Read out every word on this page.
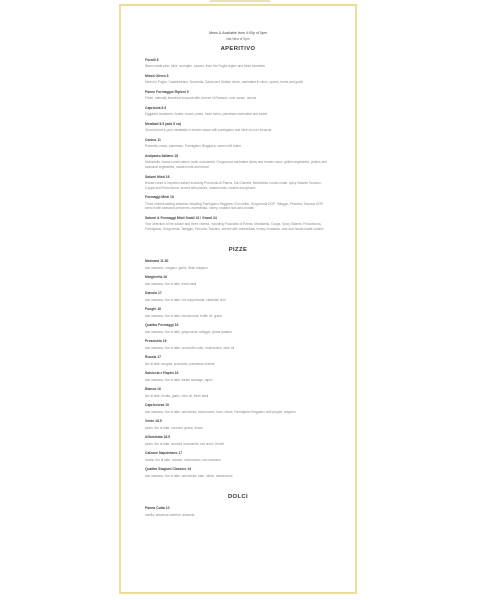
Menu & Available from 4:00p of 5pm
last Next of 9pm
APERITIVO
Focalli 8
Warm made pine, olive, acciughe, sauces, from the Puglia region and fresh tomatoes
Mixed Olives 8
Mixed in Puglia, Castelvetrano, Nocerella, Gaeta and Sicilian olives, marinated in citrus, spices, herbs and garlic
Panne Formaggio Ripieni 9
Fresh, naturally leavened focaccia with cheese of Romano, over sauce, onions
Capricola 8.5
Eggplant, tomatoes, ricotta, cream, pesto, fresh herbs, parmesan marinated and sweet
Meatball 8.5 (add 5 ea)
Ground beef & pork meatballs in tomato sauce with parmigiano and olive oil over focaccia
Cactus 11
Pancetta, rosso, parmesan, Parmigiano Reggiano, sweet chili butter
Antipasto Italiano 18
Mortadella, house-cured salumi, fresh mozzarella, Gorgonzola marinated olives and tomato rosso, grilled vegetables, pickles and seasonal vegetables, roasted nuts and bread
Salumi Misti 16
House-cured & Imported salumi including Prosciutto di Parma, San Daniele, Mortadella, house-made, spicy Salame Toscano, Coppa and Finocchiona, served with pickles, roasted nuts, crostini and grissini
Formaggi Misti 16
Three cheese tasting selection including Parmigiano Reggiano 24 months, Gorgonzola DOP, Taleggio, Pecorino Toscano DOP, served with seasonal preserves, marmellata, honey, roasted nuts and crostini
Salumi & Formaggi Misti Small 19 / Grand 34
Your selection of the salumi and three cheese, including Prosciutto di Parma, Mortadella, Coppa, Spicy Salame, Finocchiona, Parmigiano, Gorgonzola, Taleggio, Pecorino Toscano, served with marmellata, honey, mostarda, nuts and house-made crostini
PIZZE
Marinara 11.50
san marzano, oregano, garlic, fresh oregano
Margherita 16
san marzano, fior di latte, fresh basil
Diavola 17
san marzano, fior di latte, hot soppressata, calabrian chili
Funghi 16
san marzano, fior di latte, mushrooms, truffle oil, grana
Quattro Formaggi 18
san marzano, fior di latte, gorgonzola, taleggio, grana padano
Prosciutto 19
san marzano, fior di latte, prosciutto cotto, mushrooms, olive oil
Rucola 17
fior di latte, arugula, prosciutto, parmesan cheese
Salsiccia e Rapini 18
san marzano, fior di latte, italian sausage, rapini
Bianca 16
fior di latte, ricotta, garlic, olive oil, fresh basil
Capricciosa 19
san marzano, fior di latte, artichokes, mushrooms, ham, olives, Parmigiano Reggiano with pepper, oregano
Verde 16.5
pesto, fior di latte, zucchini, grana, lemon
Affumicata 18.5
pesto, fior di latte, smoked mozzarella, red onion, fennel
Calzone Napoletano 17
ricotta, fior di latte, salame, mushrooms, san marzano
Quattro Stagioni Classico 19
san marzano, fior di latte, artichokes, ham, olives, mushrooms
DOLCI
Panna Cotta 10
vanilla, amarena cherries, almonds
